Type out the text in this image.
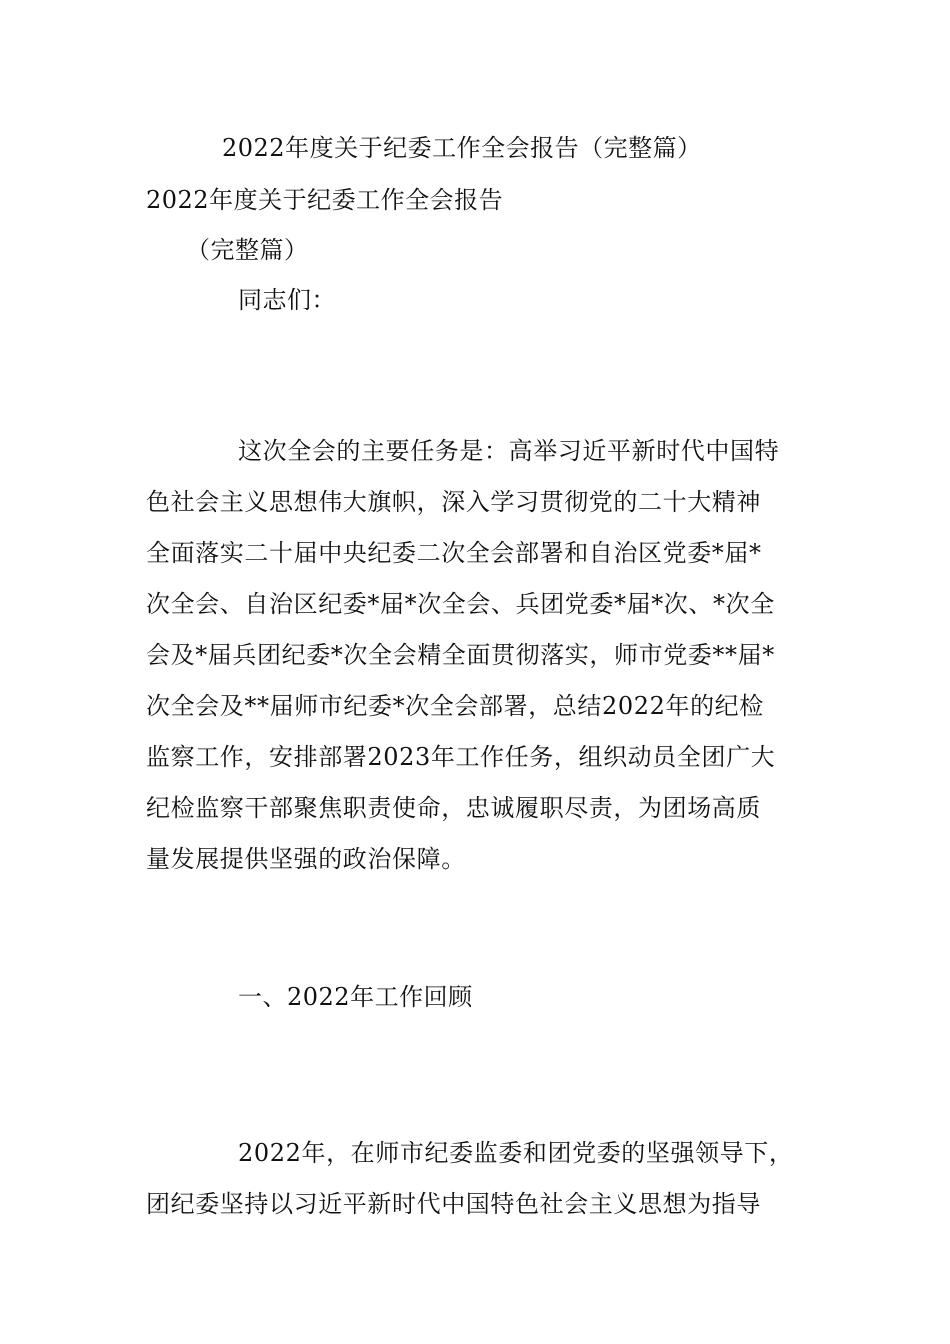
2022年度关于纪委工作全会报告（完整篇）
2022年度关于纪委工作全会报告
（完整篇）
同志们：
这次全会的主要任务是：高举习近平新时代中国特
色社会主义思想伟大旗帜，深入学习贯彻党的二十大精神
全面落实二十届中央纪委二次全会部署和自治区党委*届*
次全会、自治区纪委*届*次全会、兵团党委*届*次、*次全
会及*届兵团纪委*次全会精全面贯彻落实，师市党委**届*
次全会及**届师市纪委*次全会部署，总结2022年的纪检
监察工作，安排部署2023年工作任务，组织动员全团广大
纪检监察干部聚焦职责使命，忠诚履职尽责，为团场高质
量发展提供坚强的政治保障。
一、2022年工作回顾
2022年，在师市纪委监委和团党委的坚强领导下，
团纪委坚持以习近平新时代中国特色社会主义思想为指导
